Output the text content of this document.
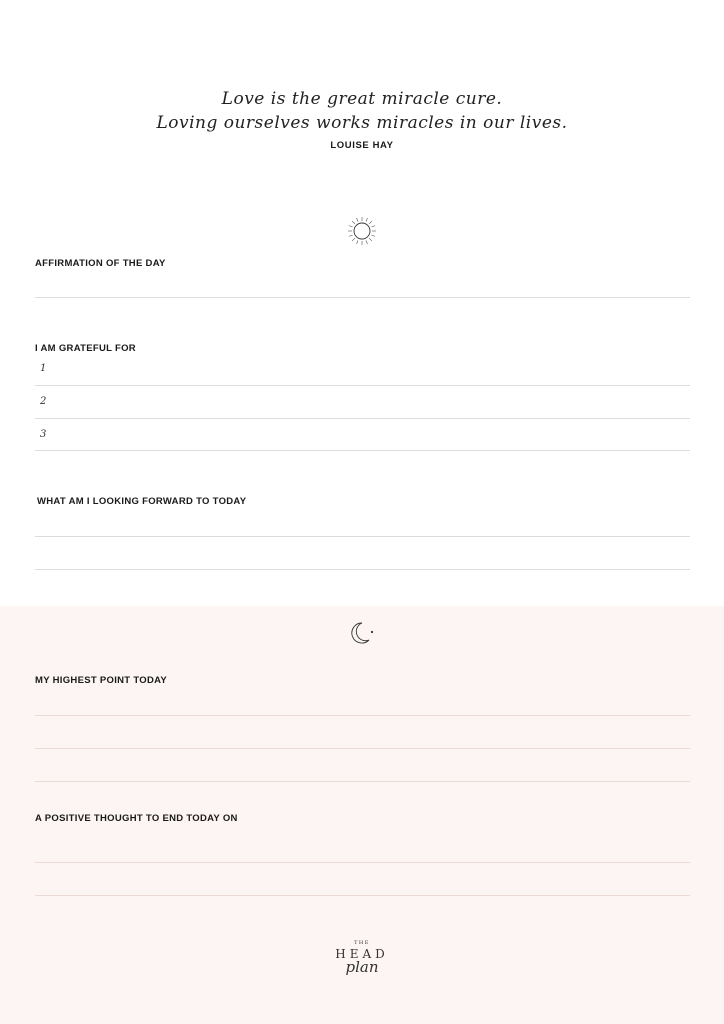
Love is the great miracle cure.
Loving ourselves works miracles in our lives.
LOUISE HAY
AFFIRMATION OF THE DAY
I AM GRATEFUL FOR
1
2
3
WHAT AM I LOOKING FORWARD TO TODAY
MY HIGHEST POINT TODAY
A POSITIVE THOUGHT TO END TODAY ON
THE
HEAD
plan
